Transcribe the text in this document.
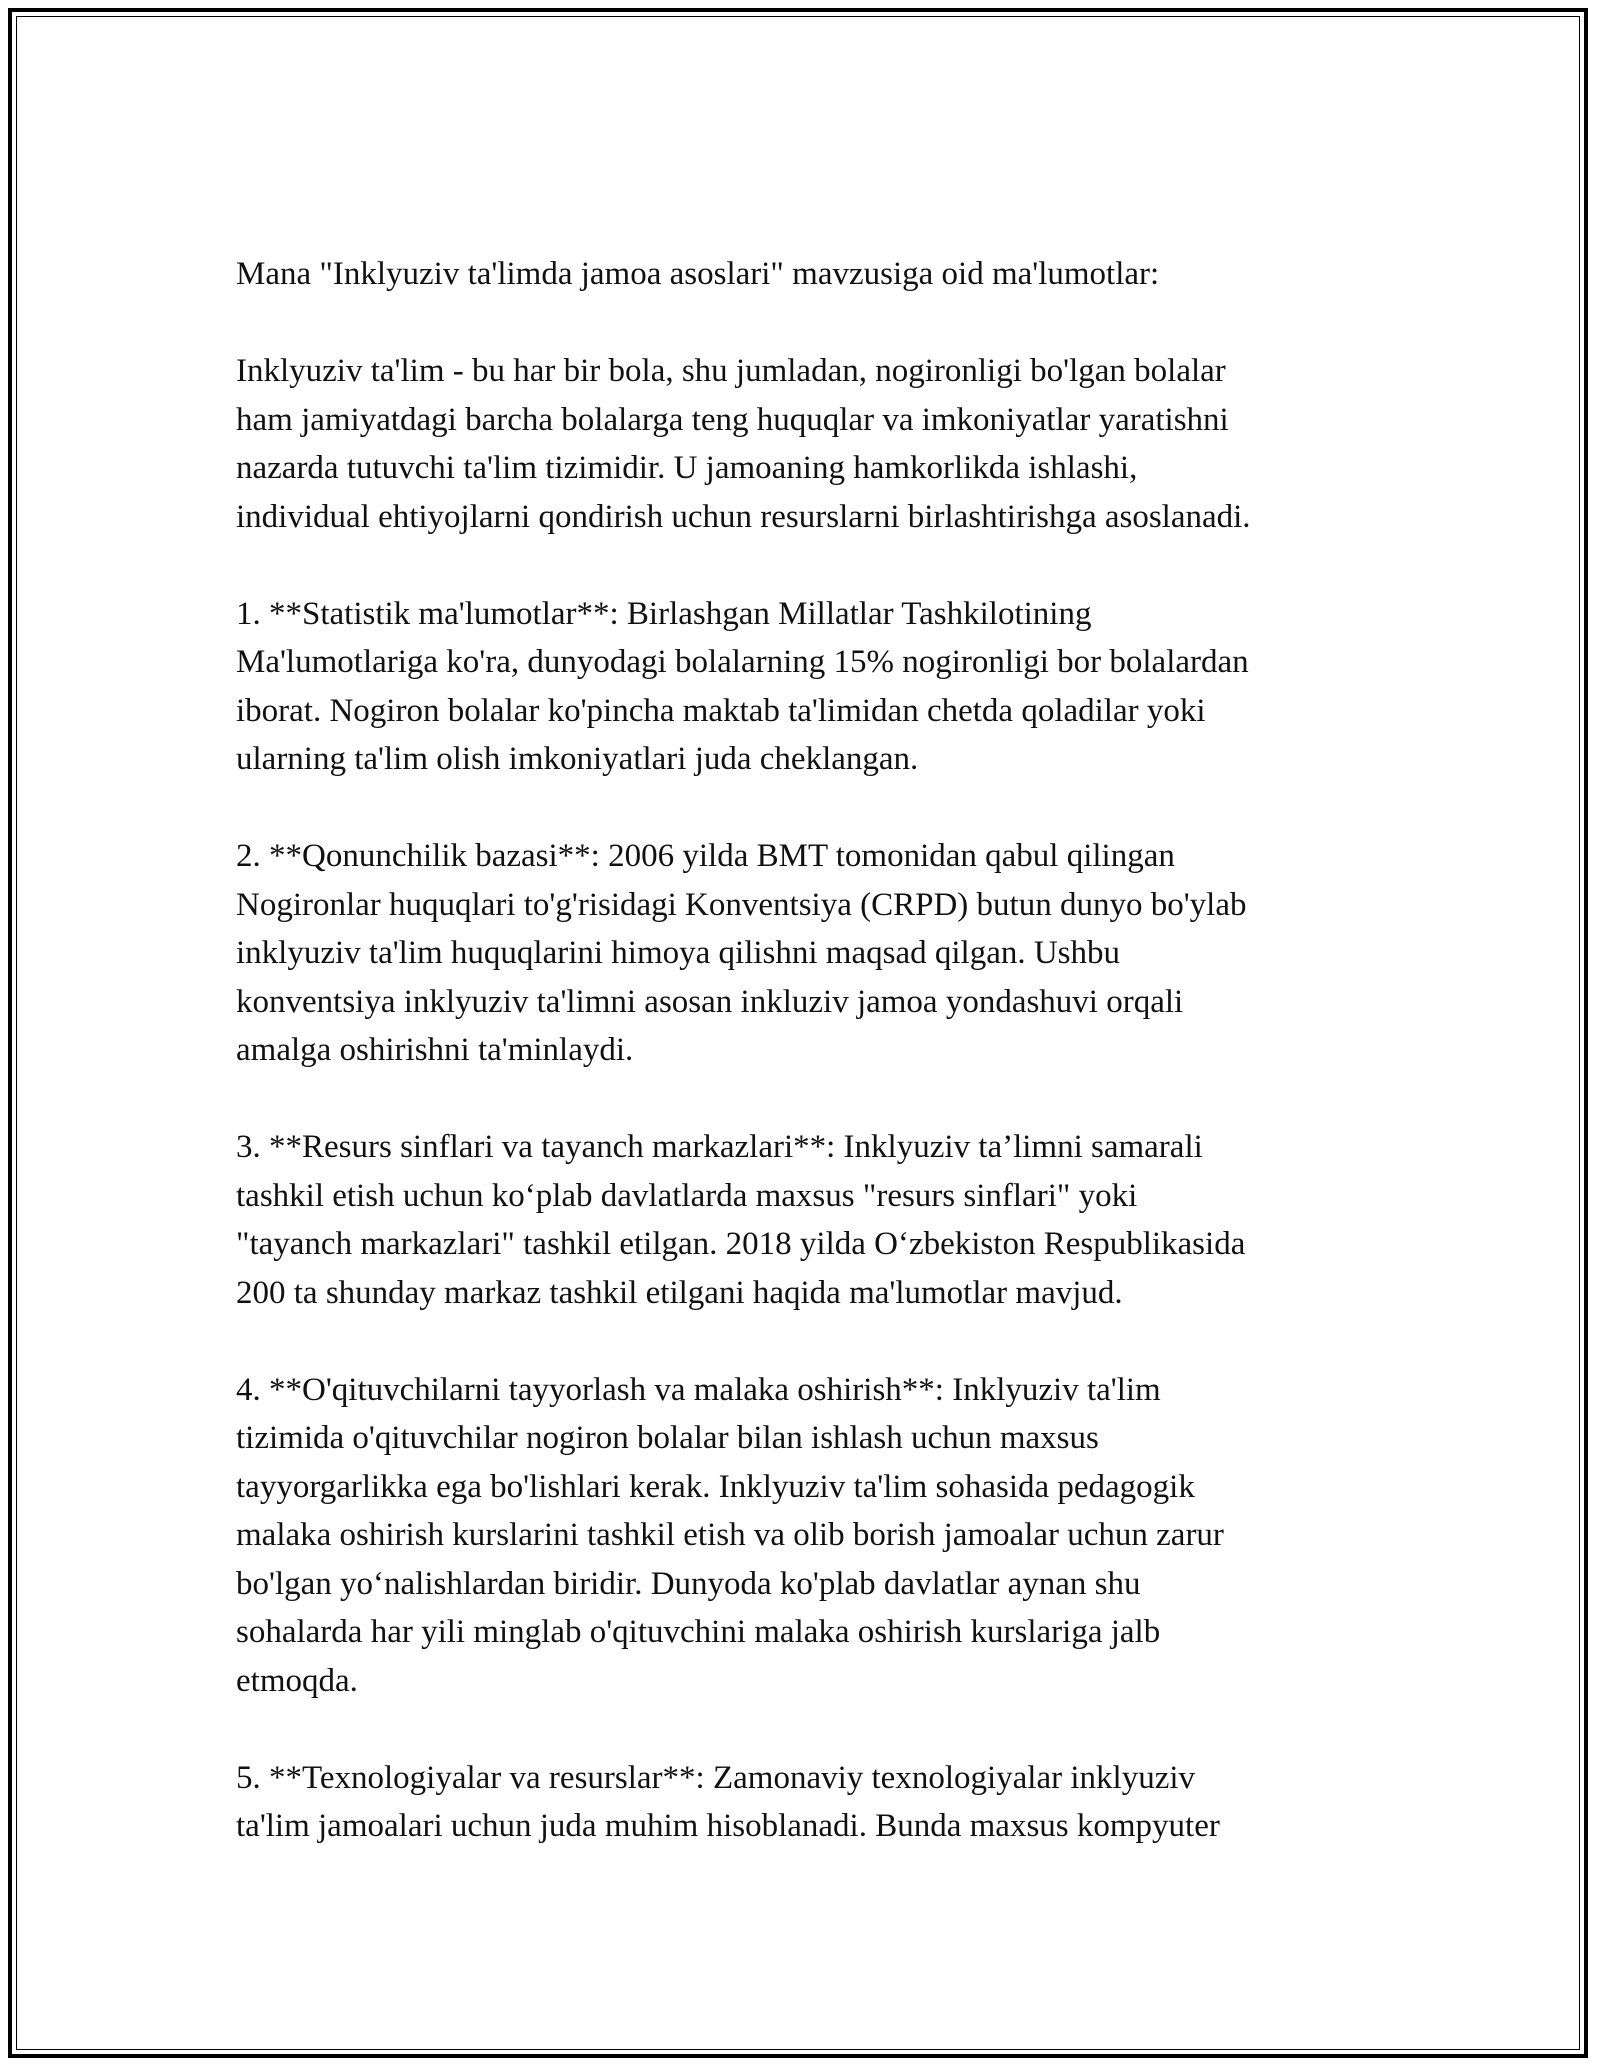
Mana "Inklyuziv ta'limda jamoa asoslari" mavzusiga oid ma'lumotlar:

Inklyuziv ta'lim - bu har bir bola, shu jumladan, nogironligi bo'lgan bolalar
ham jamiyatdagi barcha bolalarga teng huquqlar va imkoniyatlar yaratishni
nazarda tutuvchi ta'lim tizimidir. U jamoaning hamkorlikda ishlashi,
individual ehtiyojlarni qondirish uchun resurslarni birlashtirishga asoslanadi.

1. **Statistik ma'lumotlar**: Birlashgan Millatlar Tashkilotining
Ma'lumotlariga ko'ra, dunyodagi bolalarning 15% nogironligi bor bolalardan
iborat. Nogiron bolalar ko'pincha maktab ta'limidan chetda qoladilar yoki
ularning ta'lim olish imkoniyatlari juda cheklangan.

2. **Qonunchilik bazasi**: 2006 yilda BMT tomonidan qabul qilingan
Nogironlar huquqlari to'g'risidagi Konventsiya (CRPD) butun dunyo bo'ylab
inklyuziv ta'lim huquqlarini himoya qilishni maqsad qilgan. Ushbu
konventsiya inklyuziv ta'limni asosan inkluziv jamoa yondashuvi orqali
amalga oshirishni ta'minlaydi.

3. **Resurs sinflari va tayanch markazlari**: Inklyuziv ta’limni samarali
tashkil etish uchun ko‘plab davlatlarda maxsus "resurs sinflari" yoki
"tayanch markazlari" tashkil etilgan. 2018 yilda O‘zbekiston Respublikasida
200 ta shunday markaz tashkil etilgani haqida ma'lumotlar mavjud.

4. **O'qituvchilarni tayyorlash va malaka oshirish**: Inklyuziv ta'lim
tizimida o'qituvchilar nogiron bolalar bilan ishlash uchun maxsus
tayyorgarlikka ega bo'lishlari kerak. Inklyuziv ta'lim sohasida pedagogik
malaka oshirish kurslarini tashkil etish va olib borish jamoalar uchun zarur
bo'lgan yo‘nalishlardan biridir. Dunyoda ko'plab davlatlar aynan shu
sohalarda har yili minglab o'qituvchini malaka oshirish kurslariga jalb
etmoqda.

5. **Texnologiyalar va resurslar**: Zamonaviy texnologiyalar inklyuziv
ta'lim jamoalari uchun juda muhim hisoblanadi. Bunda maxsus kompyuter
